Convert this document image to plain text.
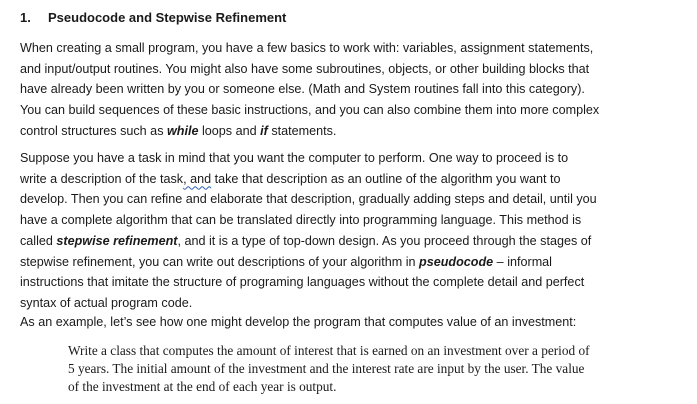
1. Pseudocode and Stepwise Refinement

When creating a small program, you have a few basics to work with: variables, assignment statements,
and input/output routines. You might also have some subroutines, objects, or other building blocks that
have already been written by you or someone else. (Math and System routines fall into this category).
You can build sequences of these basic instructions, and you can also combine them into more complex
control structures such as while loops and if statements.

Suppose you have a task in mind that you want the computer to perform. One way to proceed is to
write a description of the task, and take that description as an outline of the algorithm you want to
develop. Then you can refine and elaborate that description, gradually adding steps and detail, until you
have a complete algorithm that can be translated directly into programming language. This method is
called stepwise refinement, and it is a type of top-down design. As you proceed through the stages of
stepwise refinement, you can write out descriptions of your algorithm in pseudocode – informal
instructions that imitate the structure of programing languages without the complete detail and perfect
syntax of actual program code.

As an example, let’s see how one might develop the program that computes value of an investment:

Write a class that computes the amount of interest that is earned on an investment over a period of
5 years. The initial amount of the investment and the interest rate are input by the user. The value
of the investment at the end of each year is output.
